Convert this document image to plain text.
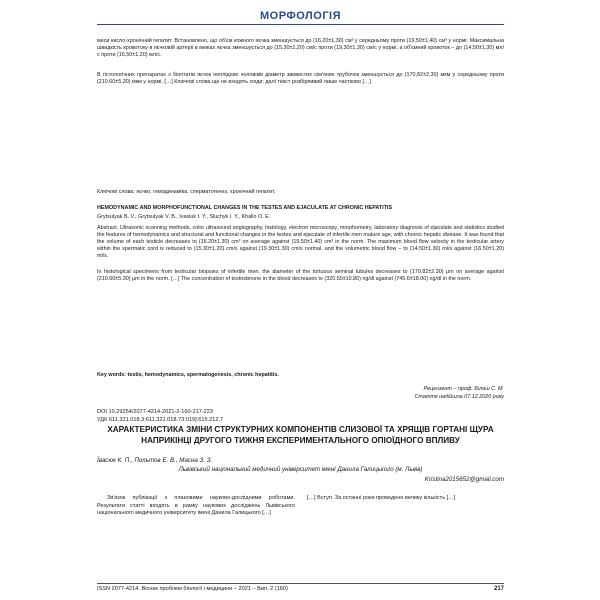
МОРФОЛОГІЯ
меси кисло-хронічний гепатит. Встановлено, що об'єм кожного яєчка зменшується до (16,20±1,30) см³ у середньому проти (19,50±1,40) см³ у нормі. Максимальна швидкість кровотоку в яєчковій артерії в межах яєчка зменшується до (15,30±1,20) см/с проти (19,30±1,30) см/с у нормі, а об'ємний кровоток – до (14,50±1,30) мл/с проти (16,50±1,20) мл/с.
В гістологічних препаратах з біоптатів яєчок неплідних чоловіків діаметр звивистих сім'яних трубочок зменшується до (170,82±2,30) мкм у середньому проти (210,60±5,30) мкм у нормі. […] Ключові слова ще не входять сюди; далі текст розбірливий лише частково […]
Ключові слова: яєчко, гемодинаміка, сперматогенез, хронічний гепатит.
HEMODYNAMIC AND MORPHOFUNCTIONAL CHANGES IN THE TESTES AND EJACULATE AT CHRONIC HEPATITIS
Grytsulyak B. V., Grytsulyak V. B., Ivasiuk I. Y., Sluchyk I. Y., Khallo O. E.
Abstract. Ultrasonic scanning methods, color ultrasound angiography, histology, electron microscopy, morphometry, laboratory diagnosis of ejaculate and statistics studied the features of hemodynamics and structural and functional changes in the testes and ejaculate of infertile men mature age, with chronic hepatic disease. It was found that the volume of each testicle decreases to (16.20±1.30) cm³ on average against (19.50±1.40) cm³ in the norm. The maximum blood flow velocity in the testicular artery within the spermatic cord is reduced to (15.30±1.20) cm/s against (19.30±1.30) cm/s normal, and the volumetric blood flow – to (14.50±1.30) ml/s against (16.50±1.20) ml/s.
In histological specimens from testicular biopsies of infertile men, the diameter of the tortuous seminal tubules decreases to (170.82±2.30) μm on average against (210.60±5.30) μm in the norm. […] The concentration of testosterone in the blood decreases to (320.50±10.80) ng/dl against (745.6±18.00) ng/dl in the norm.
Key words: testis, hemodynamics, spermatogenesis, chronic hepatitis.
Рецензент – проф. Білаш С. М.
Стаття надійшла 07.12.2020 року
DOI 10.29254/2077-4214-2021-2-160-217-223
УДК 611.321.018.3:611.321.018.73:019]:615.212.7
ХАРАКТЕРИСТИКА ЗМІНИ СТРУКТУРНИХ КОМПОНЕНТІВ СЛИЗОВОЇ ТА ХРЯЩІВ ГОРТАНІ ЩУРА НАПРИКІНЦІ ДРУГОГО ТИЖНЯ ЕКСПЕРИМЕНТАЛЬНОГО ОПІОЇДНОГО ВПЛИВУ
Ївасюк К. П., Польтов Е. В., Масна З. З.
Львівський національний медичний університет імені Данила Галицького (м. Львів)
Kristina2015652@gmail.com
Зв'язок публікації з плановими науково-дослідними роботами. Результати статті входять в рамку наукових досліджень Львівського національного медичного університету імені Данила Галицького […]
[…] Вступ. За останні роки проведено велику кількість […]
ISSN 2077-4214. Вісник проблем біології і медицини – 2021 – Вип. 2 (160)	217
